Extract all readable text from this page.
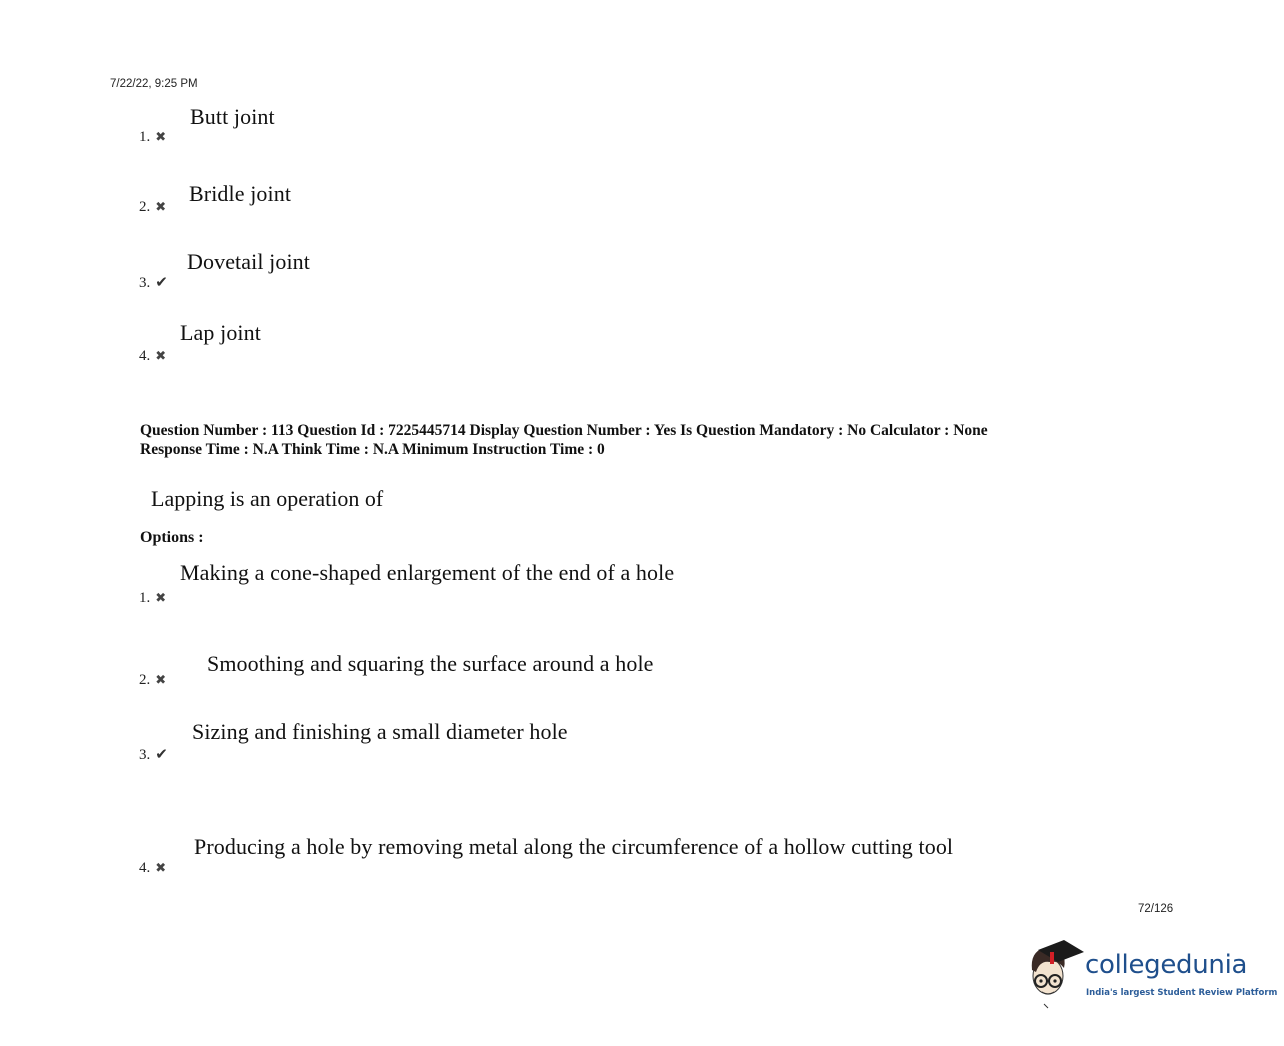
7/22/22, 9:25 PM
1. ✖
Butt joint
2. ✖
Bridle joint
3. ✔
Dovetail joint
4. ✖
Lap joint
Question Number : 113 Question Id : 7225445714 Display Question Number : Yes Is Question Mandatory : No Calculator : None
Response Time : N.A Think Time : N.A Minimum Instruction Time : 0
Lapping is an operation of
Options :
1. ✖
Making a cone-shaped enlargement of the end of a hole
2. ✖
Smoothing and squaring the surface around a hole
3. ✔
Sizing and finishing a small diameter hole
4. ✖
Producing a hole by removing metal along the circumference of a hollow cutting tool
72/126
collegedunia
India's largest Student Review Platform
